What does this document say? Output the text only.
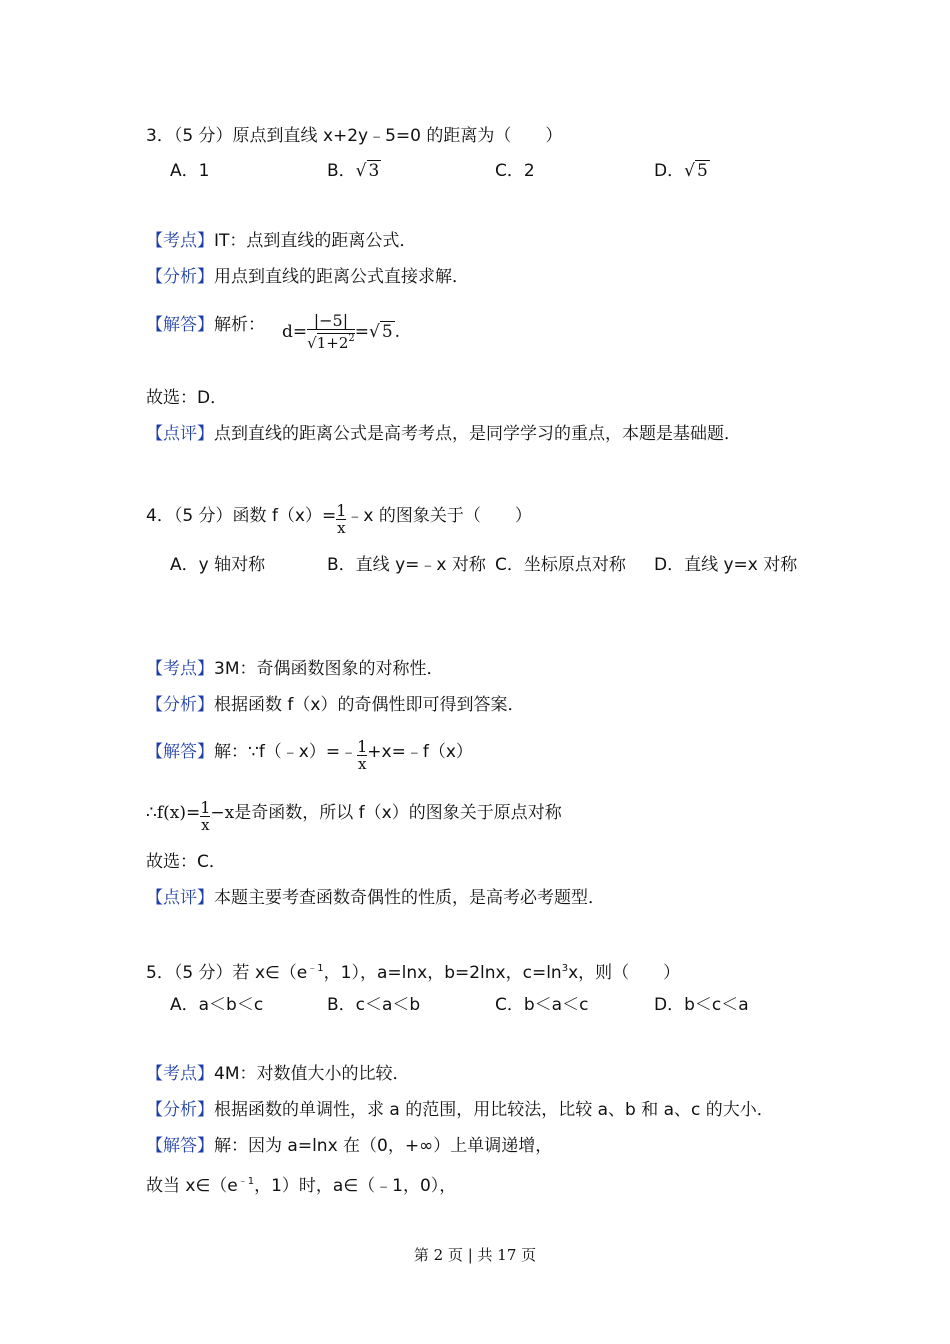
3．（5 分）原点到直线 x+2y﹣5=0 的距离为（　　）
A．1	B．√ 3	C．2	D．√ 5
【考点】IT：点到直线的距离公式．
【分析】用点到直线的距离公式直接求解．
【解答】解析： $d= \frac{|-5|}{√1+2^2}$ =√ 5 .
故选：D．
【点评】点到直线的距离公式是高考考点，是同学学习的重点，本题是基础题．
4．（5 分）函数 $f(x)= \frac{1}{x}$ ﹣x 的图象关于（　　）
A．y 轴对称	B．直线 y=﹣x 对称 C．坐标原点对称 D．直线 y=x 对称
【考点】3M：奇偶函数图象的对称性．
【分析】根据函数 f（x）的奇偶性即可得到答案．
【解答】解：∵f（﹣x）=﹣ $\frac{1}{x}$ +x=﹣f（x）
∴f(x)= $\frac{1}{x} -x$是奇函数，所以 f（x）的图象关于原点对称
故选：C．
【点评】本题主要考查函数奇偶性的性质，是高考必考题型．
5．（5 分）若 $x\in(e^{﹣1}$，1），a=lnx，b=2lnx，$c=\ln^3x$，则（　　）
A．a＜b＜c	B．c＜a＜b	C．b＜a＜c	D．b＜c＜a
【考点】4M：对数值大小的比较．
【分析】根据函数的单调性，求 a 的范围，用比较法，比较 a、b 和 a、c 的大小．
【解答】解：因为 a=lnx 在（0，+∞）上单调递增，
故当 $x\in(e^{﹣1}$，1）时，a∈（﹣1，0），
第 2 页 | 共 17 页
